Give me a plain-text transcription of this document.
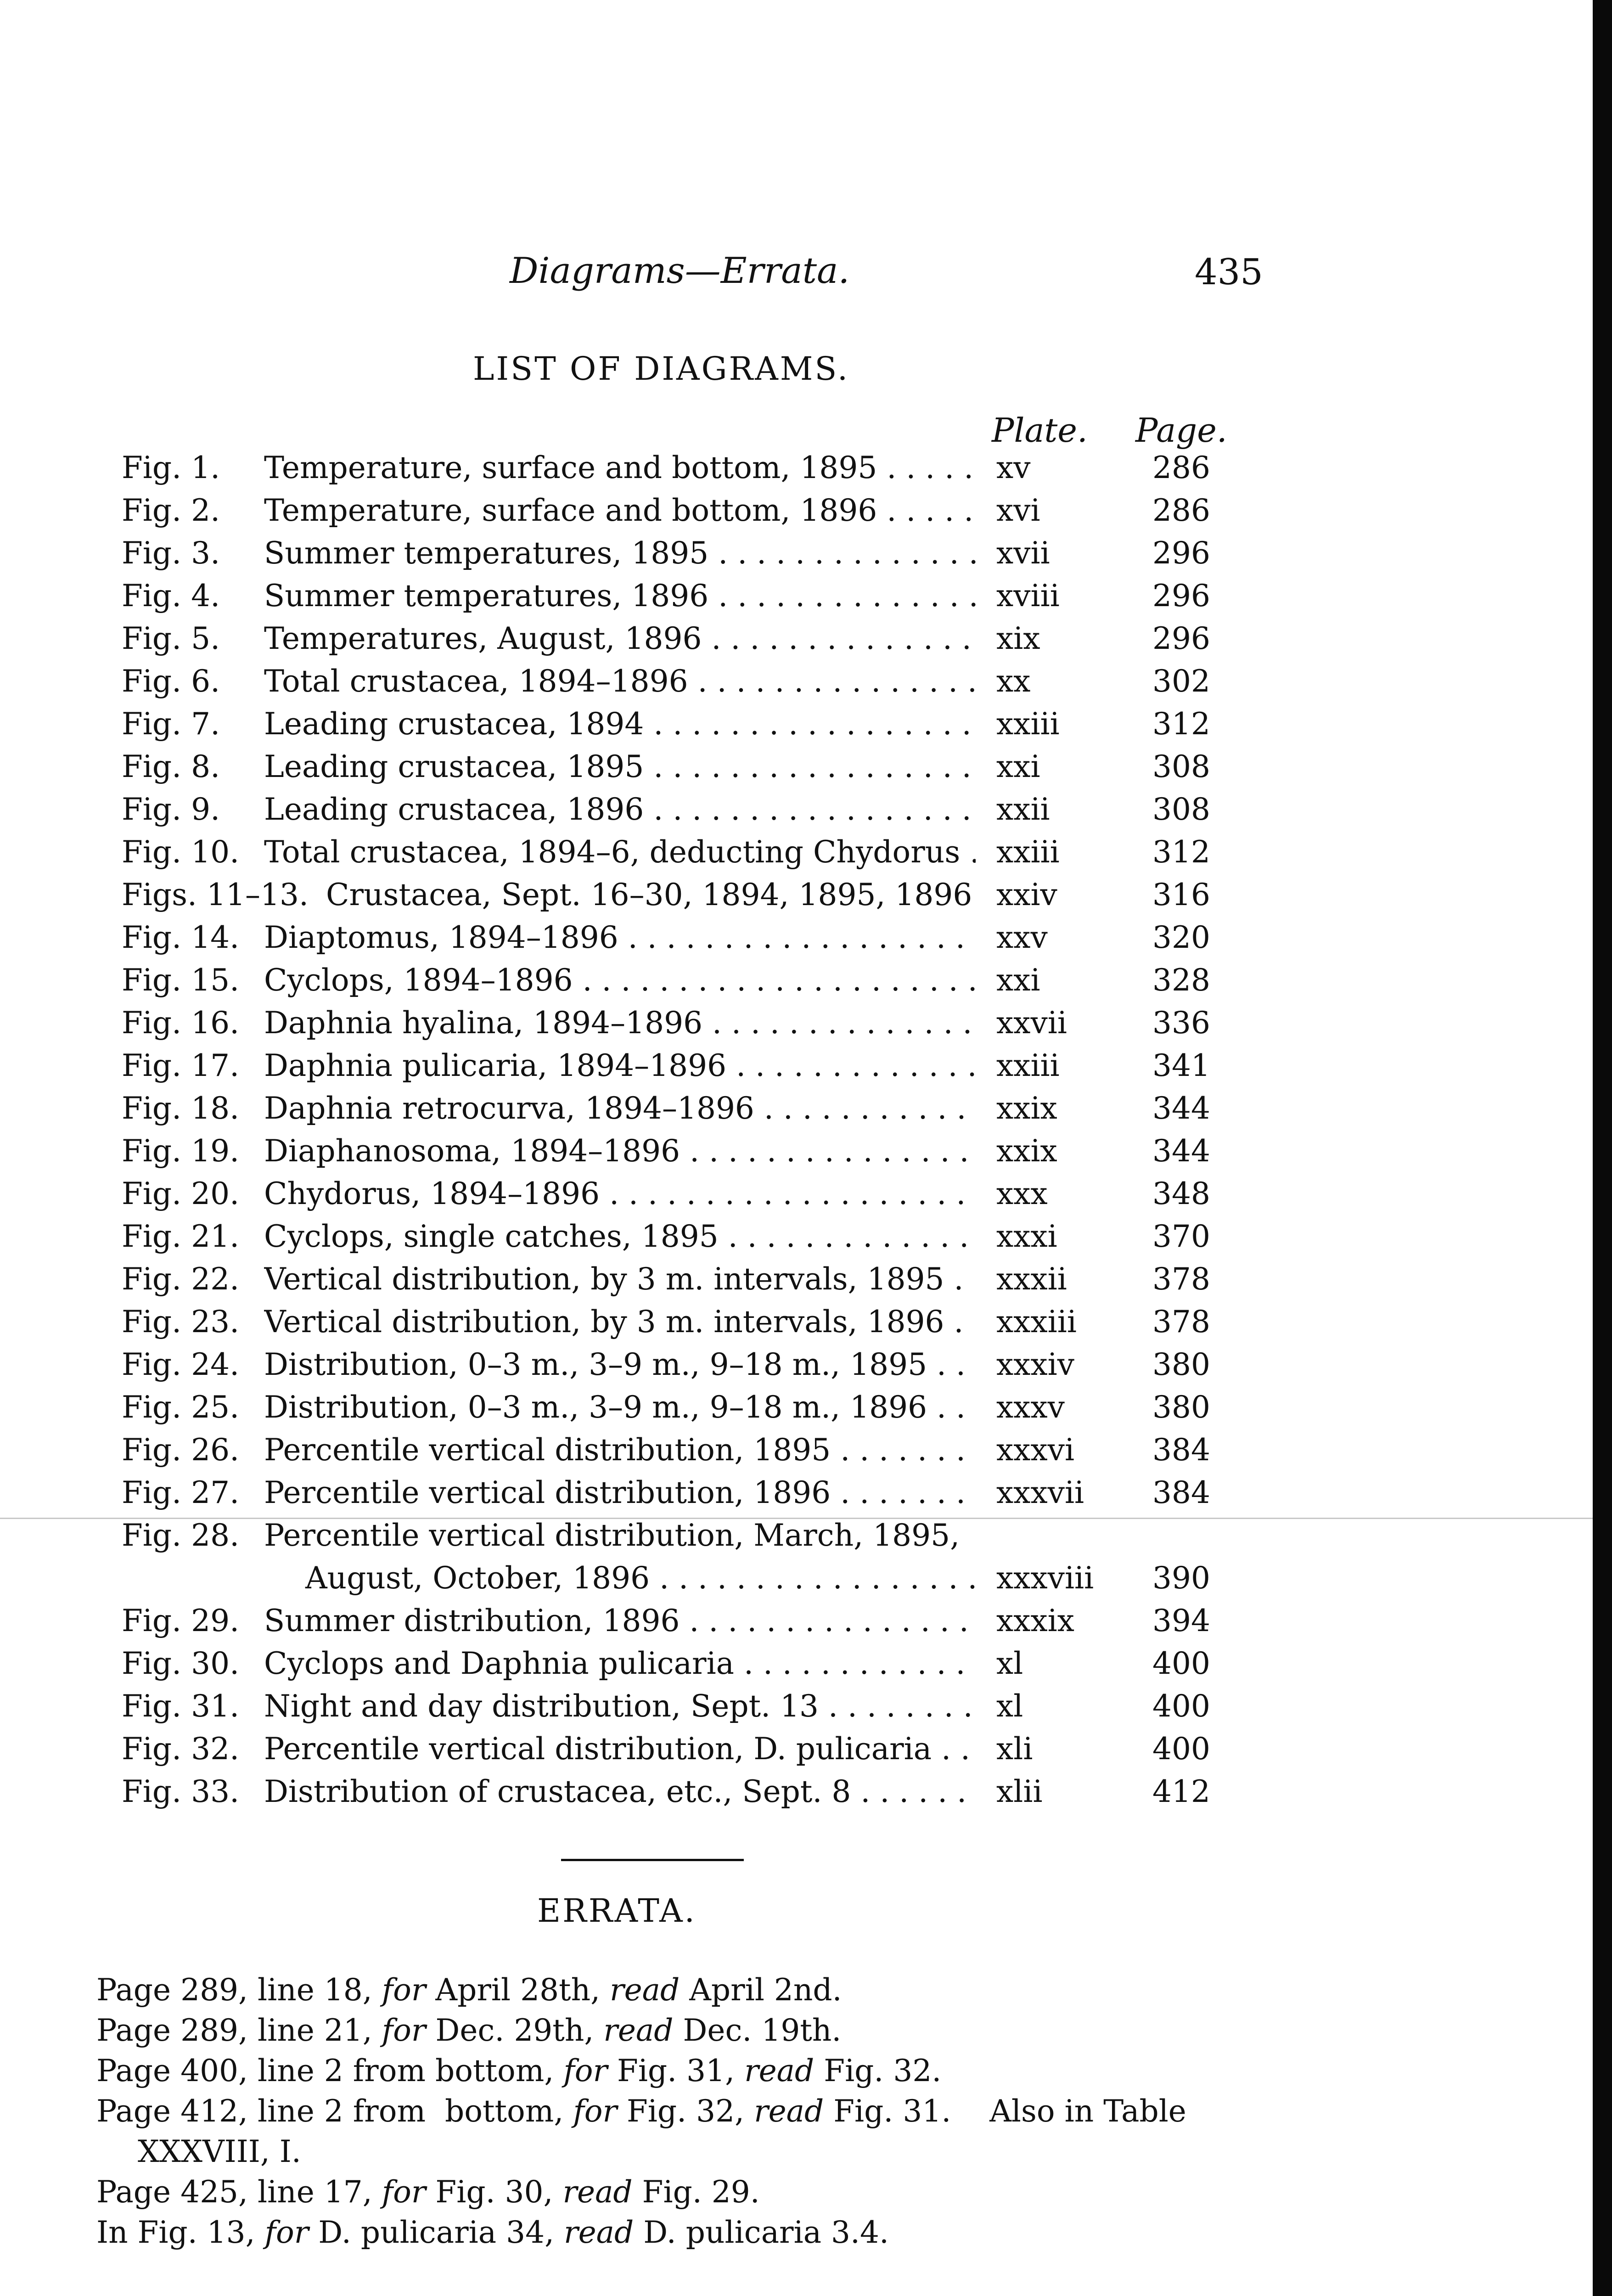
Diagrams—Errata.	435
LIST OF DIAGRAMS.
Plate. Page.
Fig. 1. Temperature, surface and bottom, 1895 . . .	xv	286
Fig. 2. Temperature, surface and bottom, 1896 . . .	xvi	286
Fig. 3. Summer temperatures, 1895 . . .	xvii	296
Fig. 4. Summer temperatures, 1896 . . .	xviii	296
Fig. 5. Temperatures, August, 1896 . . .	xix	296
Fig. 6. Total crustacea, 1894–1896 . . .	xx	302
Fig. 7. Leading crustacea, 1894 . . .	xxiii	312
Fig. 8. Leading crustacea, 1895 . . .	xxi	308
Fig. 9. Leading crustacea, 1896 . . .	xxii	308
Fig. 10. Total crustacea, 1894–6, deducting Chydorus . . .	xxiii	312
Figs. 11–13. Crustacea, Sept. 16–30, 1894, 1895, 1896 . . . xxiv	316
Fig. 14. Diaptomus, 1894–1896 . . .	xxv	320
Fig. 15. Cyclops, 1894–1896 . . .	xxi	328
Fig. 16. Daphnia hyalina, 1894–1896 . . .	xxvii	336
Fig. 17. Daphnia pulicaria, 1894–1896 . . .	xxiii	341
Fig. 18. Daphnia retrocurva, 1894–1896 . . .	xxix	344
Fig. 19. Diaphanosoma, 1894–1896 . . .	xxix	344
Fig. 20. Chydorus, 1894–1896 . . .	xxx	348
Fig. 21. Cyclops, single catches, 1895 . . .	xxxi	370
Fig. 22. Vertical distribution, by 3 m. intervals, 1895 . . .	xxxii	378
Fig. 23. Vertical distribution, by 3 m. intervals, 1896 . . .	xxxiii	378
Fig. 24. Distribution, 0–3 m., 3–9 m., 9–18 m., 1895 . . .	xxxiv	380
Fig. 25. Distribution, 0–3 m., 3–9 m., 9–18 m., 1896 . . .	xxxv	380
Fig. 26. Percentile vertical distribution, 1895 . . .	xxxvi	384
Fig. 27. Percentile vertical distribution, 1896 . . .	xxxvii 384
Fig. 28. Percentile vertical distribution, March, 1895,
August, October, 1896 . . .	xxxviii 390
Fig. 29. Summer distribution, 1896 . . .	xxxix	394
Fig. 30. Cyclops and Daphnia pulicaria . . .	xl	400
Fig. 31. Night and day distribution, Sept. 13 . . .	xl	400
Fig. 32. Percentile vertical distribution, D. pulicaria . . .	xli	400
Fig. 33. Distribution of crustacea, etc., Sept. 8 . . .	xlii	412
ERRATA.
Page 289, line 18, for April 28th, read April 2nd.
Page 289, line 21, for Dec. 29th, read Dec. 19th.
Page 400, line 2 from bottom, for Fig. 31, read Fig. 32.
Page 412, line 2 from  bottom, for Fig. 32, read Fig. 31.    Also in Table
XXXVIII, I.
Page 425, line 17, for Fig. 30, read Fig. 29.
In Fig. 13, for D. pulicaria 34, read D. pulicaria 3.4.
